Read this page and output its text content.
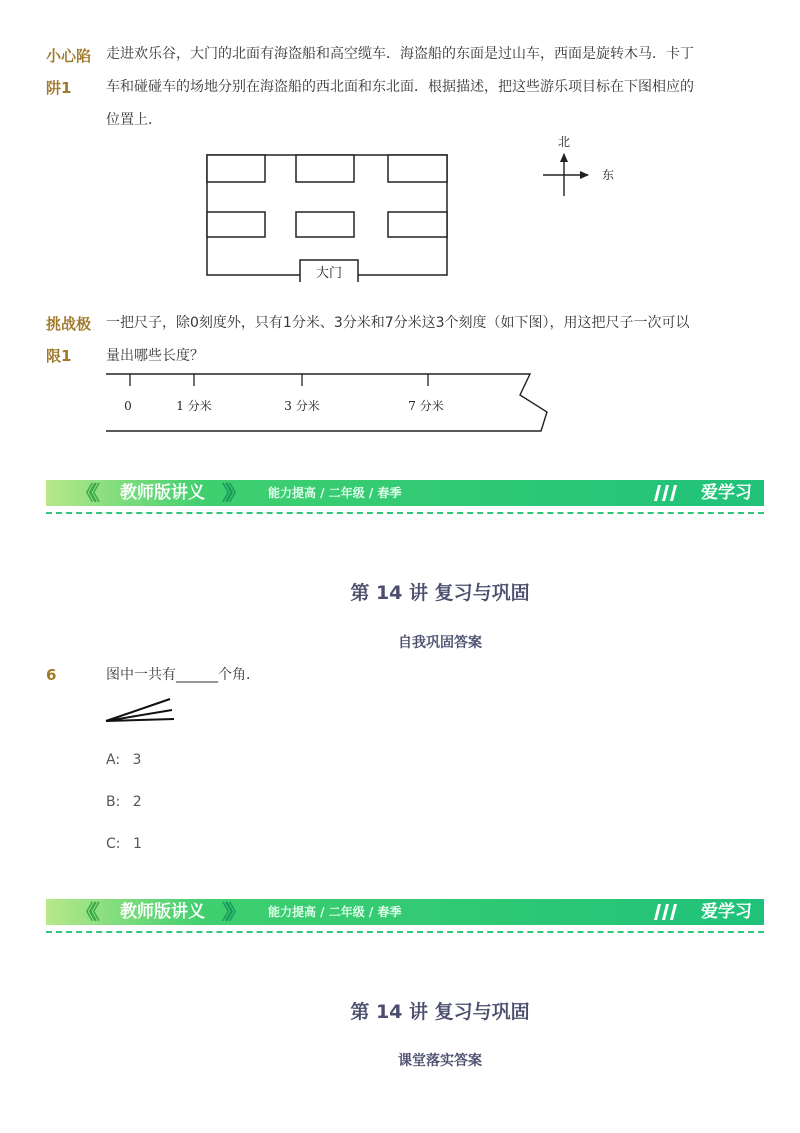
小心陷
阱1
走进欢乐谷，大门的北面有海盗船和高空缆车．海盗船的东面是过山车，西面是旋转木马．卡丁
车和碰碰车的场地分别在海盗船的西北面和东北面．根据描述，把这些游乐项目标在下图相应的
位置上．
大门
北
东
挑战极
限1
一把尺子，除0刻度外，只有1分米、3分米和7分米这3个刻度（如下图），用这把尺子一次可以
量出哪些长度？
0	1 分米	3 分米	7 分米
《《 教师版讲义 》》 能力提高 / 二年级 / 春季	爱学习
第 14 讲 复习与巩固
自我巩固答案
6	图中一共有______个角.
A: 3
B: 2
C: 1
《《 教师版讲义 》》 能力提高 / 二年级 / 春季	爱学习
第 14 讲 复习与巩固
课堂落实答案
